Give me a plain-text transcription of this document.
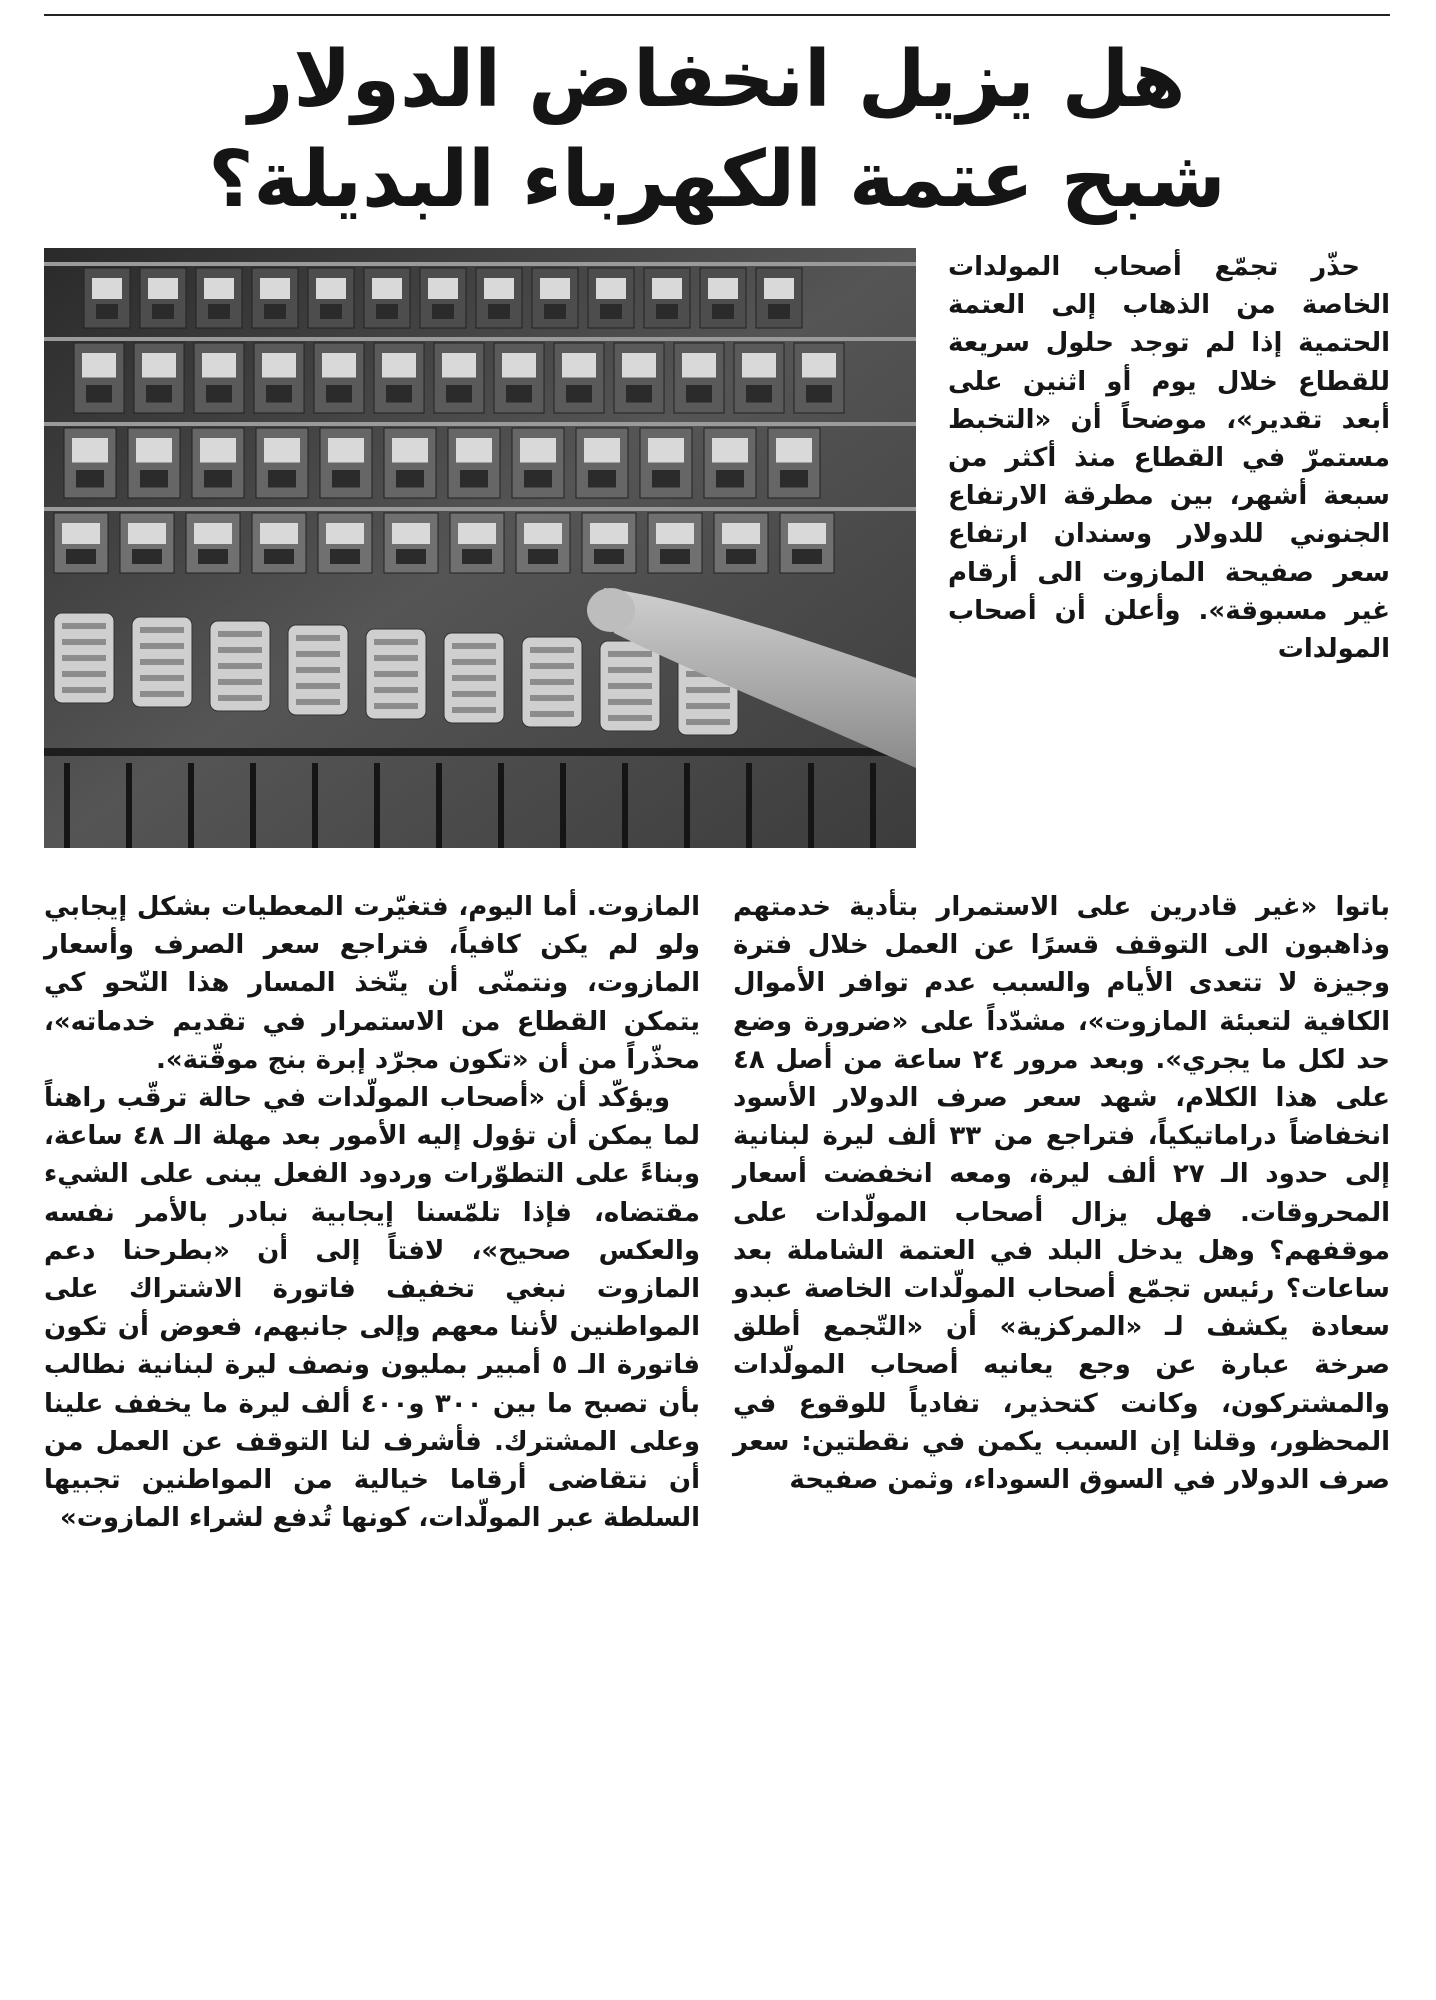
هل يزيل انخفاض الدولار
شبح عتمة الكهرباء البديلة؟

حذّر تجمّع أصحاب المولدات الخاصة من الذهاب إلى العتمة الحتمية إذا لم توجد حلول سريعة للقطاع خلال يوم أو اثنين على أبعد تقدير»، موضحاً أن «التخبط مستمرّ في القطاع منذ أكثر من سبعة أشهر، بين مطرقة الارتفاع الجنوني للدولار وسندان ارتفاع سعر صفيحة المازوت الى أرقام غير مسبوقة». وأعلن أن أصحاب المولدات

باتوا «غير قادرين على الاستمرار بتأدية خدمتهم وذاهبون الى التوقف قسرًا عن العمل خلال فترة وجيزة لا تتعدى الأيام والسبب عدم توافر الأموال الكافية لتعبئة المازوت»، مشدّداً على «ضرورة وضع حد لكل ما يجري». وبعد مرور ٢٤ ساعة من أصل ٤٨ على هذا الكلام، شهد سعر صرف الدولار الأسود انخفاضاً دراماتيكياً، فتراجع من ٣٣ ألف ليرة لبنانية إلى حدود الـ ٢٧ ألف ليرة، ومعه انخفضت أسعار المحروقات. فهل يزال أصحاب المولّدات على موقفهم؟ وهل يدخل البلد في العتمة الشاملة بعد ساعات؟ رئيس تجمّع أصحاب المولّدات الخاصة عبدو سعادة يكشف لـ «المركزية» أن «التّجمع أطلق صرخة عبارة عن وجع يعانيه أصحاب المولّدات والمشتركون، وكانت كتحذير، تفادياً للوقوع في المحظور، وقلنا إن السبب يكمن في نقطتين: سعر صرف الدولار في السوق السوداء، وثمن صفيحة

المازوت. أما اليوم، فتغيّرت المعطيات بشكل إيجابي ولو لم يكن كافياً، فتراجع سعر الصرف وأسعار المازوت، ونتمنّى أن يتّخذ المسار هذا النّحو كي يتمكن القطاع من الاستمرار في تقديم خدماته»، محذّراً من أن «تكون مجرّد إبرة بنج موقّتة».

ويؤكّد أن «أصحاب المولّدات في حالة ترقّب راهناً لما يمكن أن تؤول إليه الأمور بعد مهلة الـ ٤٨ ساعة، وبناءً على التطوّرات وردود الفعل يبنى على الشيء مقتضاه، فإذا تلمّسنا إيجابية نبادر بالأمر نفسه والعكس صحيح»، لافتاً إلى أن «بطرحنا دعم المازوت نبغي تخفيف فاتورة الاشتراك على المواطنين لأننا معهم وإلى جانبهم، فعوض أن تكون فاتورة الـ ٥ أمبير بمليون ونصف ليرة لبنانية نطالب بأن تصبح ما بين ٣٠٠ و٤٠٠ ألف ليرة ما يخفف علينا وعلى المشترك. فأشرف لنا التوقف عن العمل من أن نتقاضى أرقاما خيالية من المواطنين تجبيها السلطة عبر المولّدات، كونها تُدفع لشراء المازوت»
